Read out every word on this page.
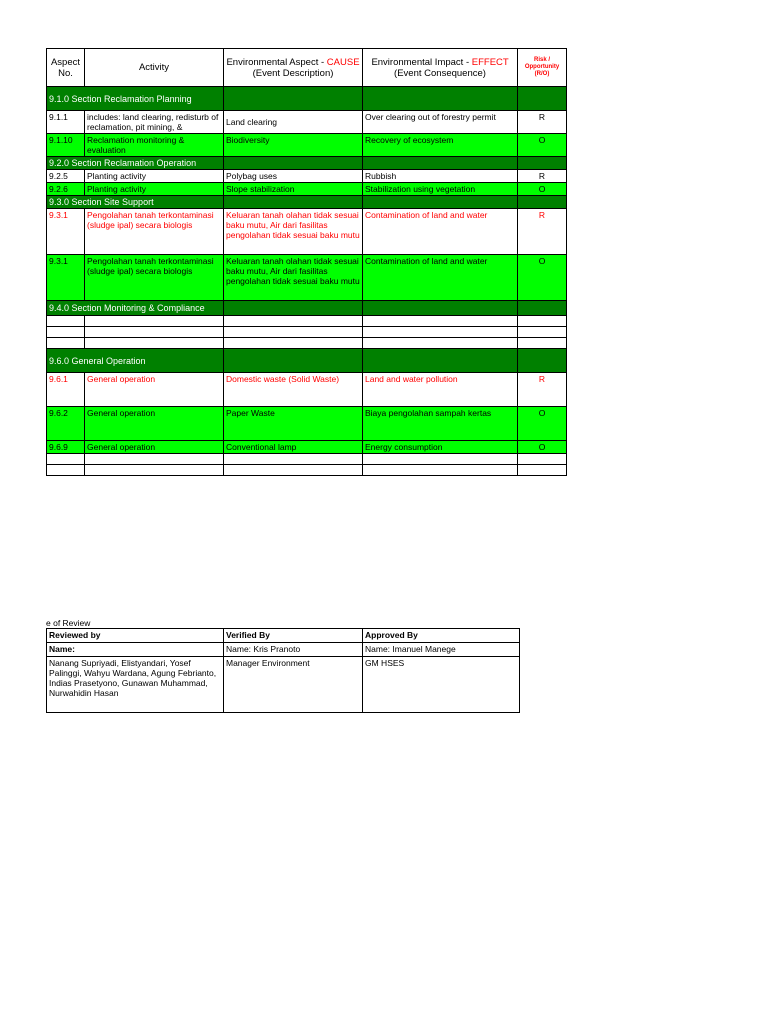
Aspect No.	Activity	Environmental Aspect - CAUSE (Event Description)	Environmental Impact - EFFECT (Event Consequence)	Risk / Opportunity (R/O)
9.1.0 Section Reclamation Planning				
9.1.1	includes: land clearing, redisturb of reclamation, pit mining, &	Land clearing	Over clearing out of forestry permit	R
9.1.10	Reclamation monitoring & evaluation	Biodiversity	Recovery of ecosystem	O
9.2.0 Section Reclamation Operation				
9.2.5	Planting activity	Polybag uses	Rubbish	R
9.2.6	Planting activity	Slope stabilization	Stabilization using vegetation	O
9.3.0 Section Site Support				
9.3.1	Pengolahan tanah terkontaminasi (sludge ipal) secara biologis	Keluaran tanah olahan tidak sesuai baku mutu, Air dari fasilitas pengolahan tidak sesuai baku mutu	Contamination of land and water	R
9.3.1	Pengolahan tanah terkontaminasi (sludge ipal) secara biologis	Keluaran tanah olahan tidak sesuai baku mutu, Air dari fasilitas pengolahan tidak sesuai baku mutu	Contamination of land and water	O
9.4.0 Section Monitoring & Compliance				

9.6.0 General Operation				
9.6.1	General operation	Domestic waste (Solid Waste)	Land and water pollution	R
9.6.2	General operation	Paper Waste	Biaya pengolahan sampah kertas	O
9.6.9	General operation	Conventional lamp	Energy consumption	O

e of Review
Reviewed by	Verified By	Approved By
Name:	Name: Kris Pranoto	Name: Imanuel Manege
Nanang Supriyadi, Elistyandari, Yosef Palinggi, Wahyu Wardana, Agung Febrianto, Indias Prasetyono, Gunawan Muhammad, Nurwahidin Hasan	Manager Environment	GM HSES
